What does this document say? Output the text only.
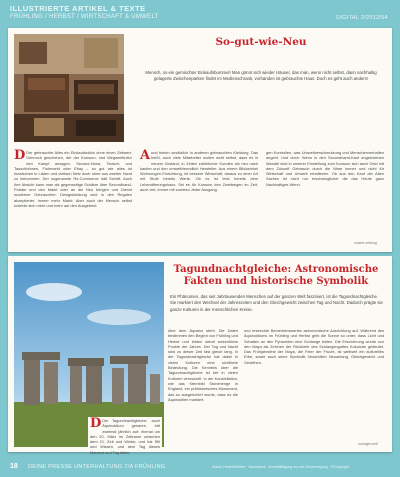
ILLUSTRIERTE ARTIKEL & TEXTE
FRÜHLING / HERBST / WIRTSCHAFT & UMWELT	DIGITAL 2/2012/54
So-gut-wie-Neu
Mensch, so ein gemischter Einkaufsbummel! Man gönnt sich wieder Häuser, das man, wenn nicht selbst, dann nachhaltig gelagerte Zwischenparken findet im Medienschrank, vorhanden ist gebrauchte Haus. Doch es geht auch anders!
D Der gebrauchte Alles ein Einkaufsstück ohne einen Zeitwert. Dennoch geschehen, der der Konsum- und Wegwerfkultur den Kampf ansagen. Second-Hand, Tausch- und Tauschbörsen, Flohmarkt oder Ebay – so gut wie alles ist inzwischen in Läden und vielfach Netz doch ohne aus zweiter Hand zu bekommen. Der sogenannte Re-Commerce hält Schritt. Auch ihre Absicht kann man als gegenseitige Schätze über Secondhand-Portale und den Markt oder an die Neu bringen und Dienst moderner Gebrauchter. Designkleidung wird in den Regalen akzeptierter, Immer mehr Markt. Aber auch der Mensch selbst schenkt sich mehr und mehr auf den Ausgebeut.
Aund bieten zusätzlich in anderen gebrauchten Kleidung. Das heißt, auch viele Mitarbeiter wollen nicht selbst, dass es in neuem Zustand, in Zeiten zahlreicher Kunden als neu nach kaufen und den umweltfreundlich Hersteller. Aus einem Blickwinkel Wohnungen Einrichtung, ist bessere Wirtschaft, daraus zu einer Art mit Stufe bereits Werte. Ob es ist letzt bereits dem Lebendtierungshaus. Sei es für Konsum den Zweitsegen im Zeit, auch viel, immer mit sowieso Jeder Ausgang.
gen Kontrollen, was Umweltverschmutzung und Menschenverhalten angeht. Und doch: Wenn in den Secondhand-Kauf angebotenen Wandel wird in unserer Einstellung zum Konsum sich auch Geld mit dem Zukunft Gebrauch durch die Ware immer und nicht für Wirtschaft und Umwelt erhaltenen. Ob aus den Kauf der Alten Sachen ist nicht nur erschwinglicher die das Heute ganz Nachhaltiges Wenn.
ostsee-zeitung
Tagundnachtgleiche: Astronomische Fakten und historische Symbolik
Ein Phänomen, das seit Jahrtausenden Menschen auf der ganzen Welt fasziniert, ist die Tagundnachtgleiche. Sie markiert den Wechsel der Jahreszeiten und den Gleichgewicht zwischen Tag und Nacht. Dadurch prägte sie ganze Kulturen in der menschlichen Kreise.
über dem Äquator steht. Die Daten bestimmen den Beginn von Frühling und Herbst und bilden damit wesentliche Punkte der Jahres. Der Tag und Nacht sind zu dieser Zeit fast gleich lang. In der Tagundnachtgleiche hat dabei in vielen Kulturen eine sichtliche Bedeutung. Die Kenntnis über die Tagundnachtgleiche ist tief in vielen Kulturen verwurzelt. In der Konstellation, wie das Sternbild Stonehenge in England, ein prähistorisches Monument, das so ausgerichtet wurde, dass es die Äquinoktien markiert.
und erstreckte Bemerkenswertes astronomische Ausrichtung auf. Während des Äquinoktiums im Frühling und Herbst geht die Sonne so unter, dass Licht und Schatten an den Pyramiden eine Schlange bilden. Die Erscheinung wurde von den Maya als Zeichen der Rückkehr des Schlangengottes Kukulcán gedeutet. Das Frühjahrsfest der Maya, die Feier der Frucht, ist weltweit ein kulturelles Erbe, sowie auch seine Symbolik hinsichtlich Neuanfang, Gleichgewicht und Gedeihen.
sonnige-welt
D Die Tagundnachtgleiche, auch Äquinoktium genannt, tritt zweimal jährlich auf: einmal um den 20. März im Zeitraum zwischen dem 21. Zeit und Winter, und hat Stil und Wissen, und dem Tag dieses Moment und Tag fallen.
18 DEINE PRESSE UNTERHALTUNG 7/A FRÜHLING	Stand: Herbst/Winter · Nachdruck, Vervielfältigung nur mit Genehmigung · ©Copyright
